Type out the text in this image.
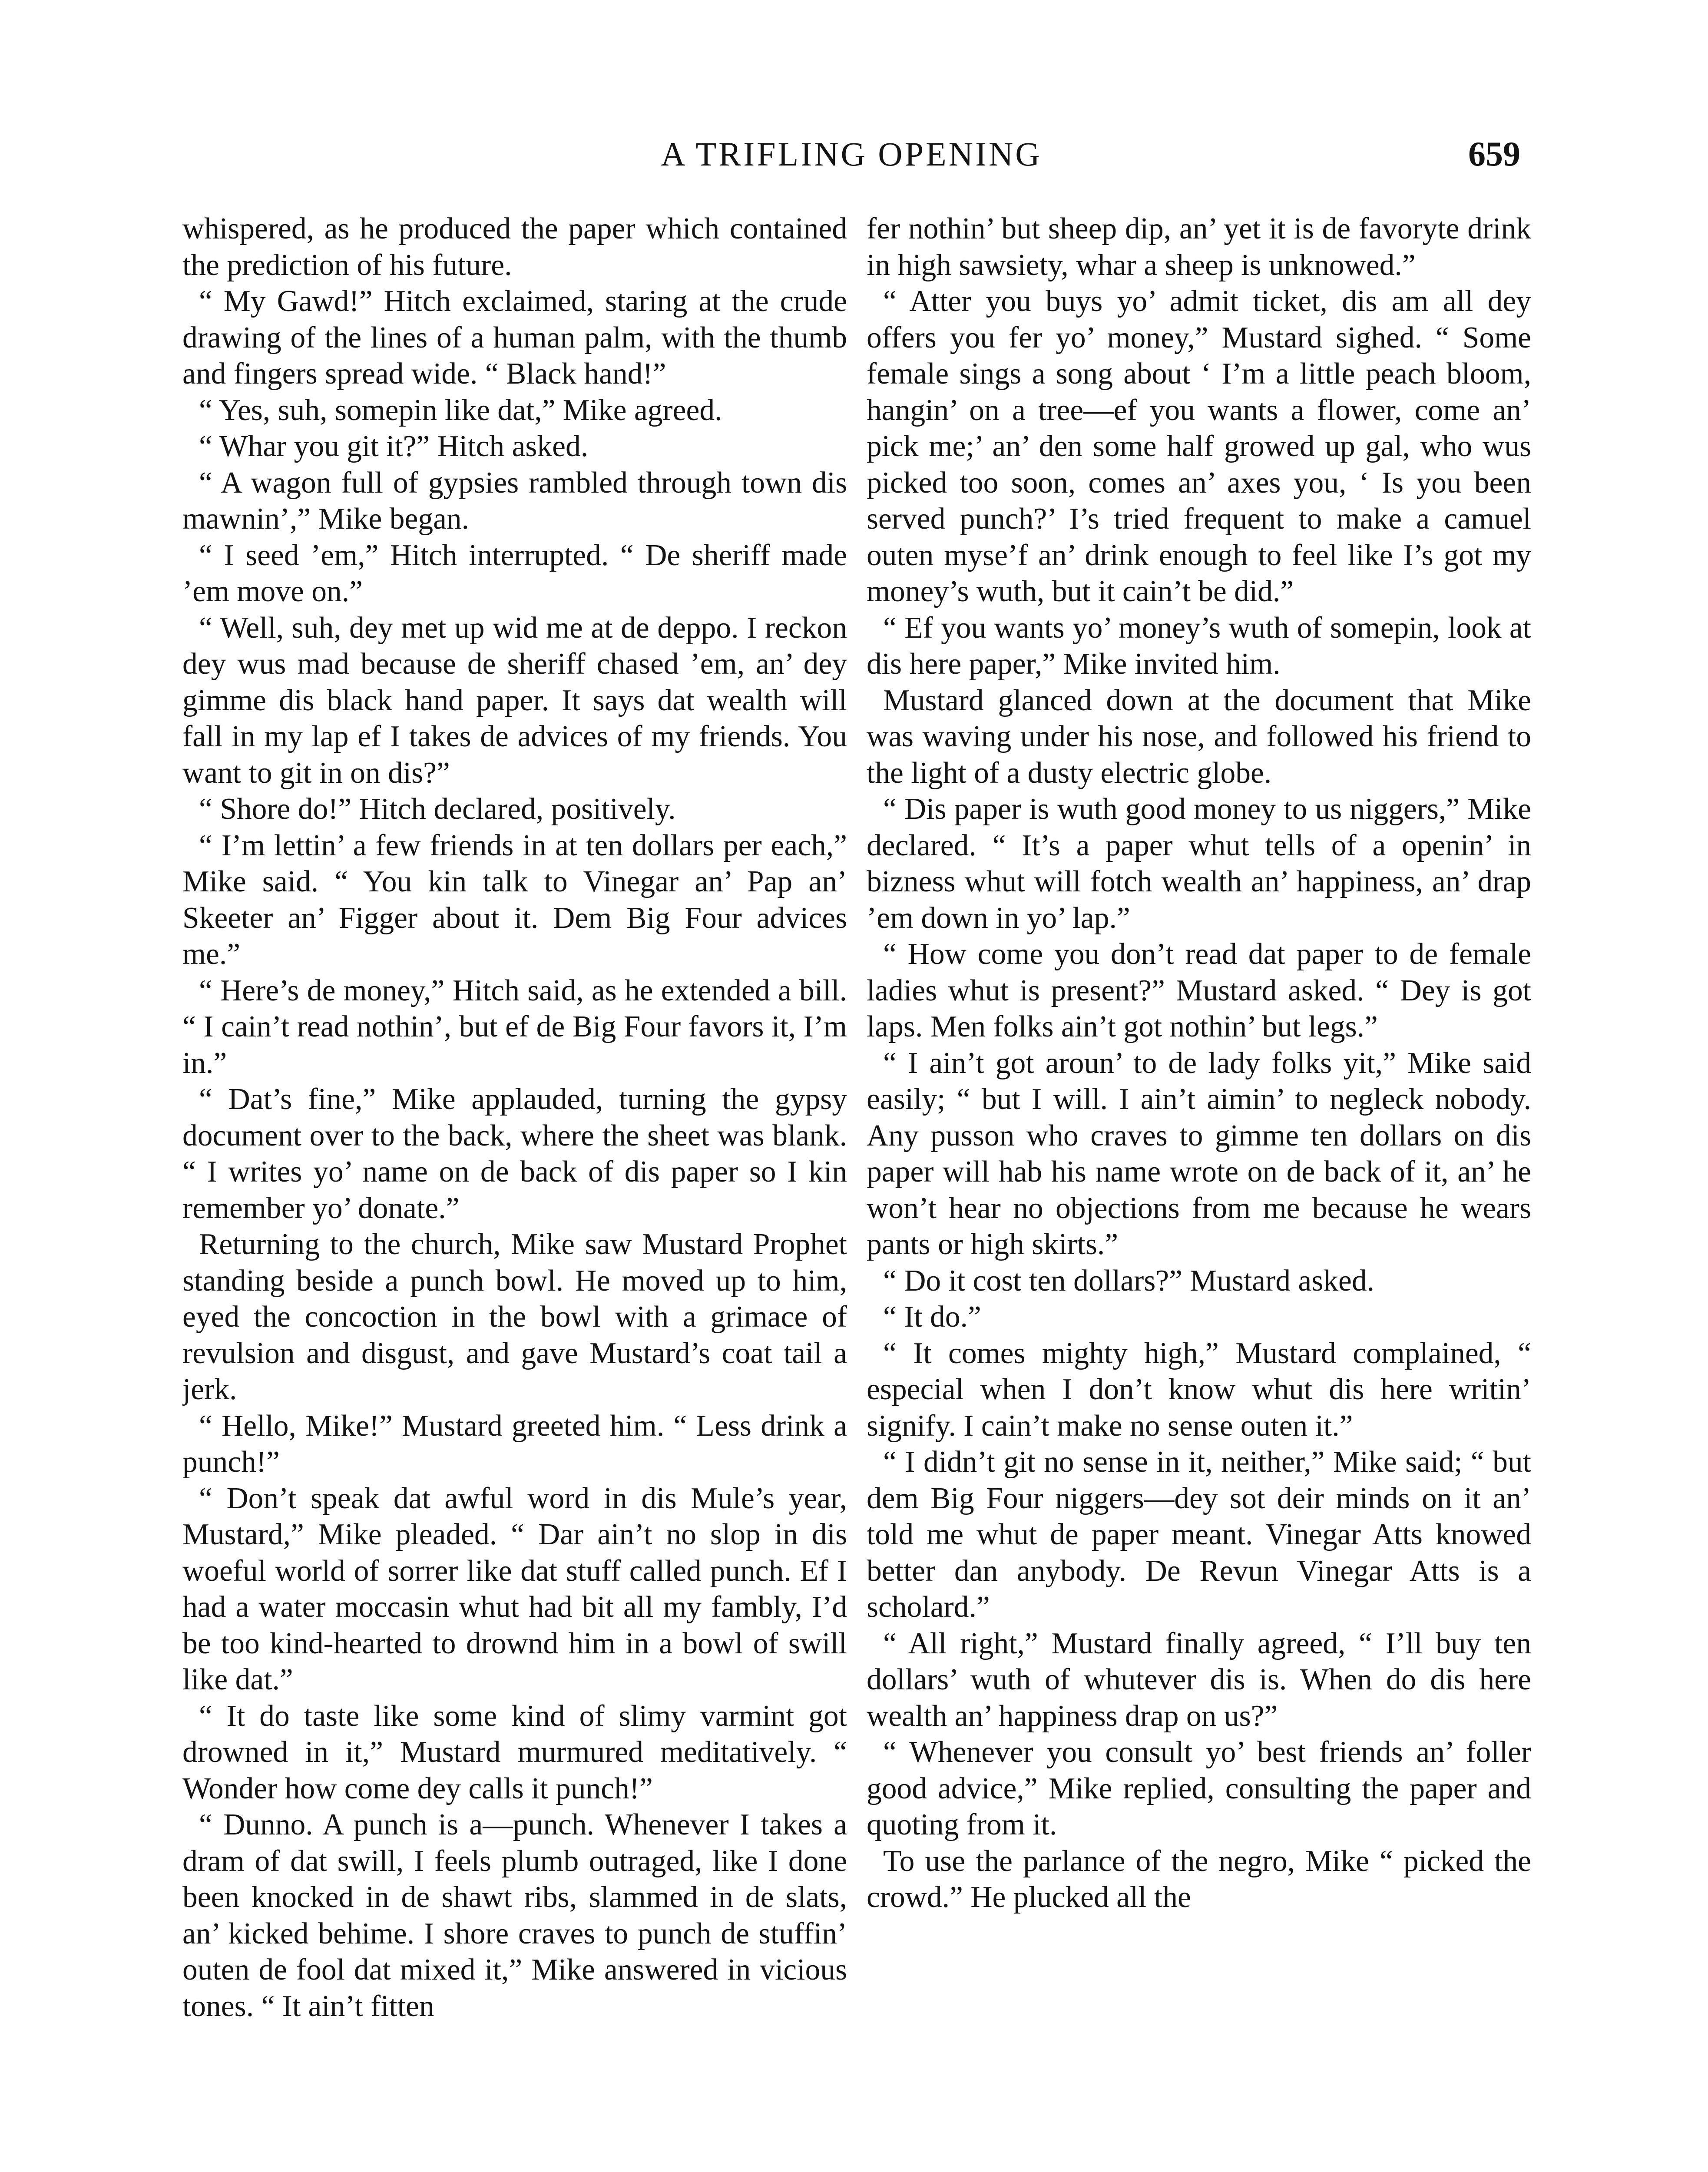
A TRIFLING OPENING	659

whispered, as he produced the paper which contained the prediction of his future.

“ My Gawd!” Hitch exclaimed, staring at the crude drawing of the lines of a human palm, with the thumb and fingers spread wide. “ Black hand!”

“ Yes, suh, somepin like dat,” Mike agreed.

“ Whar you git it?” Hitch asked.

“ A wagon full of gypsies rambled through town dis mawnin’,” Mike began.

“ I seed ’em,” Hitch interrupted. “ De sheriff made ’em move on.”

“ Well, suh, dey met up wid me at de deppo. I reckon dey wus mad because de sheriff chased ’em, an’ dey gimme dis black hand paper. It says dat wealth will fall in my lap ef I takes de advices of my friends. You want to git in on dis?”

“ Shore do!” Hitch declared, positively.

“ I’m lettin’ a few friends in at ten dollars per each,” Mike said. “ You kin talk to Vinegar an’ Pap an’ Skeeter an’ Figger about it. Dem Big Four advices me.”

“ Here’s de money,” Hitch said, as he extended a bill. “ I cain’t read nothin’, but ef de Big Four favors it, I’m in.”

“ Dat’s fine,” Mike applauded, turning the gypsy document over to the back, where the sheet was blank. “ I writes yo’ name on de back of dis paper so I kin remember yo’ donate.”

Returning to the church, Mike saw Mustard Prophet standing beside a punch bowl. He moved up to him, eyed the concoction in the bowl with a grimace of revulsion and disgust, and gave Mustard’s coat tail a jerk.

“ Hello, Mike!” Mustard greeted him. “ Less drink a punch!”

“ Don’t speak dat awful word in dis Mule’s year, Mustard,” Mike pleaded. “ Dar ain’t no slop in dis woeful world of sorrer like dat stuff called punch. Ef I had a water moccasin whut had bit all my fambly, I’d be too kind-hearted to drownd him in a bowl of swill like dat.”

“ It do taste like some kind of slimy varmint got drowned in it,” Mustard murmured meditatively. “ Wonder how come dey calls it punch!”

“ Dunno. A punch is a—punch. Whenever I takes a dram of dat swill, I feels plumb outraged, like I done been knocked in de shawt ribs, slammed in de slats, an’ kicked behime. I shore craves to punch de stuffin’ outen de fool dat mixed it,” Mike answered in vicious tones. “ It ain’t fitten

fer nothin’ but sheep dip, an’ yet it is de favoryte drink in high sawsiety, whar a sheep is unknowed.”

“ Atter you buys yo’ admit ticket, dis am all dey offers you fer yo’ money,” Mustard sighed. “ Some female sings a song about ‘ I’m a little peach bloom, hangin’ on a tree—ef you wants a flower, come an’ pick me;’ an’ den some half growed up gal, who wus picked too soon, comes an’ axes you, ‘ Is you been served punch?’ I’s tried frequent to make a camuel outen myse’f an’ drink enough to feel like I’s got my money’s wuth, but it cain’t be did.”

“ Ef you wants yo’ money’s wuth of somepin, look at dis here paper,” Mike invited him.

Mustard glanced down at the document that Mike was waving under his nose, and followed his friend to the light of a dusty electric globe.

“ Dis paper is wuth good money to us niggers,” Mike declared. “ It’s a paper whut tells of a openin’ in bizness whut will fotch wealth an’ happiness, an’ drap ’em down in yo’ lap.”

“ How come you don’t read dat paper to de female ladies whut is present?” Mustard asked. “ Dey is got laps. Men folks ain’t got nothin’ but legs.”

“ I ain’t got aroun’ to de lady folks yit,” Mike said easily; “ but I will. I ain’t aimin’ to negleck nobody. Any pusson who craves to gimme ten dollars on dis paper will hab his name wrote on de back of it, an’ he won’t hear no objections from me because he wears pants or high skirts.”

“ Do it cost ten dollars?” Mustard asked.

“ It do.”

“ It comes mighty high,” Mustard complained, “ especial when I don’t know whut dis here writin’ signify. I cain’t make no sense outen it.”

“ I didn’t git no sense in it, neither,” Mike said; “ but dem Big Four niggers—dey sot deir minds on it an’ told me whut de paper meant. Vinegar Atts knowed better dan anybody. De Revun Vinegar Atts is a scholard.”

“ All right,” Mustard finally agreed, “ I’ll buy ten dollars’ wuth of whutever dis is. When do dis here wealth an’ happiness drap on us?”

“ Whenever you consult yo’ best friends an’ foller good advice,” Mike replied, consulting the paper and quoting from it.

To use the parlance of the negro, Mike “ picked the crowd.” He plucked all the
